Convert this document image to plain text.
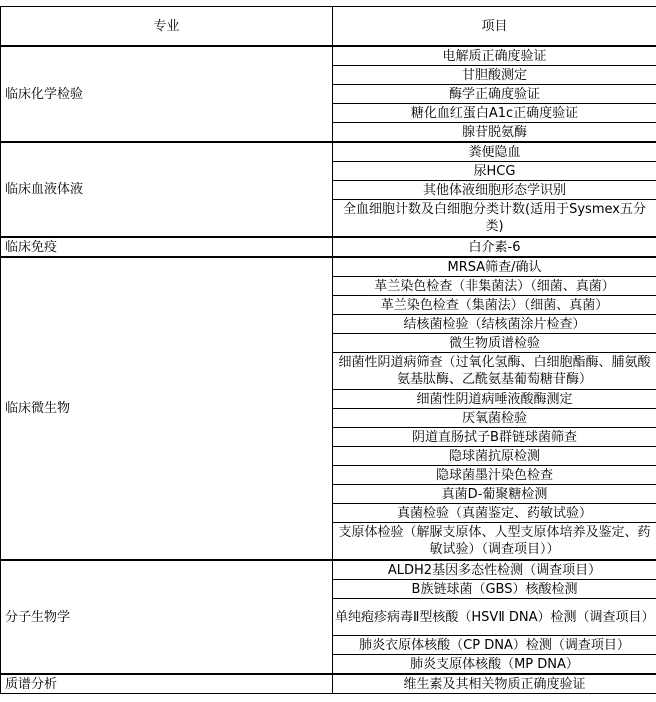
专业	项目
临床化学检验	电解质正确度验证
	甘胆酸测定
	酶学正确度验证
	糖化血红蛋白A1c正确度验证
	腺苷脱氨酶
临床血液体液	粪便隐血
	尿HCG
	其他体液细胞形态学识别
	全血细胞计数及白细胞分类计数(适用于Sysmex五分类)
临床免疫	白介素-6
临床微生物	MRSA筛查/确认
	革兰染色检查（非集菌法）（细菌、真菌）
	革兰染色检查（集菌法）（细菌、真菌）
	结核菌检验（结核菌涂片检查）
	微生物质谱检验
	细菌性阴道病筛查（过氧化氢酶、白细胞酯酶、脯氨酸氨基肽酶、乙酰氨基葡萄糖苷酶）
	细菌性阴道病唾液酸酶测定
	厌氧菌检验
	阴道直肠拭子B群链球菌筛查
	隐球菌抗原检测
	隐球菌墨汁染色检查
	真菌D-葡聚糖检测
	真菌检验（真菌鉴定、药敏试验）
	支原体检验（解脲支原体、人型支原体培养及鉴定、药敏试验）（调查项目））
分子生物学	ALDH2基因多态性检测（调查项目）
	B族链球菌（GBS）核酸检测
	单纯疱疹病毒Ⅱ型核酸（HSVⅡ DNA）检测（调查项目）
	肺炎衣原体核酸（CP DNA）检测（调查项目）
	肺炎支原体核酸（MP DNA）
质谱分析	维生素及其相关物质正确度验证
